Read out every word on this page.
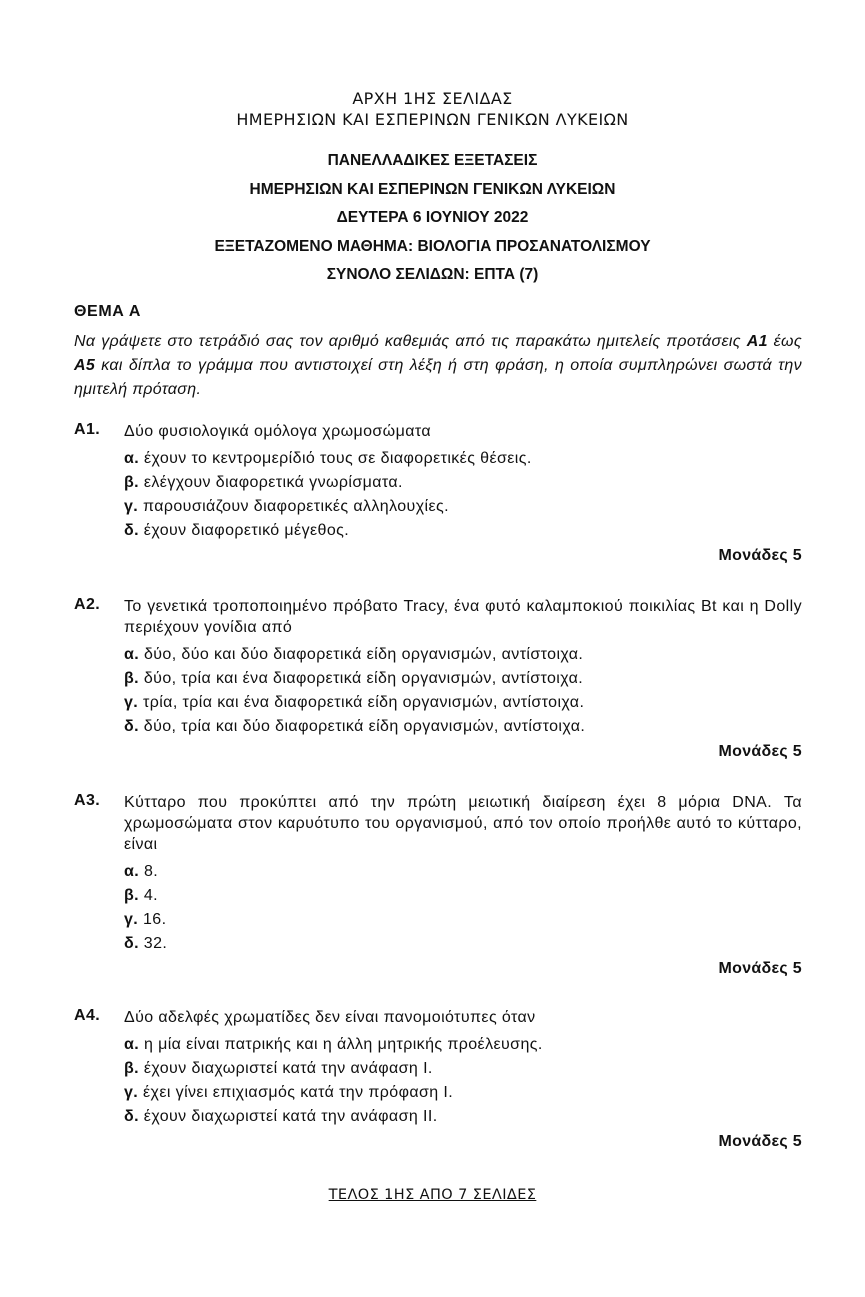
ΑΡΧΗ 1ΗΣ ΣΕΛΙΔΑΣ
ΗΜΕΡΗΣΙΩΝ ΚΑΙ ΕΣΠΕΡΙΝΩΝ ΓΕΝΙΚΩΝ ΛΥΚΕΙΩΝ
ΠΑΝΕΛΛΑΔΙΚΕΣ ΕΞΕΤΑΣΕΙΣ
ΗΜΕΡΗΣΙΩΝ ΚΑΙ ΕΣΠΕΡΙΝΩΝ ΓΕΝΙΚΩΝ ΛΥΚΕΙΩΝ
ΔΕΥΤΕΡΑ 6 ΙΟΥΝΙΟΥ 2022
ΕΞΕΤΑΖΟΜΕΝΟ ΜΑΘΗΜΑ: ΒΙΟΛΟΓΙΑ ΠΡΟΣΑΝΑΤΟΛΙΣΜΟΥ
ΣΥΝΟΛΟ ΣΕΛΙΔΩΝ: ΕΠΤΑ (7)
ΘΕΜΑ Α
Να γράψετε στο τετράδιό σας τον αριθμό καθεμιάς από τις παρακάτω ημιτελείς προτάσεις Α1 έως Α5 και δίπλα το γράμμα που αντιστοιχεί στη λέξη ή στη φράση, η οποία συμπληρώνει σωστά την ημιτελή πρόταση.
Α1.	Δύο φυσιολογικά ομόλογα χρωμοσώματα
α. έχουν το κεντρομερίδιό τους σε διαφορετικές θέσεις.
β. ελέγχουν διαφορετικά γνωρίσματα.
γ. παρουσιάζουν διαφορετικές αλληλουχίες.
δ. έχουν διαφορετικό μέγεθος.
Μονάδες 5
Α2.	Το γενετικά τροποποιημένο πρόβατο Tracy, ένα φυτό καλαμποκιού ποικιλίας Bt και η Dolly περιέχουν γονίδια από
α. δύο, δύο και δύο διαφορετικά είδη οργανισμών, αντίστοιχα.
β. δύο, τρία και ένα διαφορετικά είδη οργανισμών, αντίστοιχα.
γ. τρία, τρία και ένα διαφορετικά είδη οργανισμών, αντίστοιχα.
δ. δύο, τρία και δύο διαφορετικά είδη οργανισμών, αντίστοιχα.
Μονάδες 5
Α3.	Κύτταρο που προκύπτει από την πρώτη μειωτική διαίρεση έχει 8 μόρια DNA. Τα χρωμοσώματα στον καρυότυπο του οργανισμού, από τον οποίο προήλθε αυτό το κύτταρο, είναι
α. 8.
β. 4.
γ. 16.
δ. 32.
Μονάδες 5
Α4.	Δύο αδελφές χρωματίδες δεν είναι πανομοιότυπες όταν
α. η μία είναι πατρικής και η άλλη μητρικής προέλευσης.
β. έχουν διαχωριστεί κατά την ανάφαση Ι.
γ. έχει γίνει επιχιασμός κατά την πρόφαση Ι.
δ. έχουν διαχωριστεί κατά την ανάφαση ΙΙ.
Μονάδες 5
ΤΕΛΟΣ 1ΗΣ ΑΠΟ 7 ΣΕΛΙΔΕΣ
